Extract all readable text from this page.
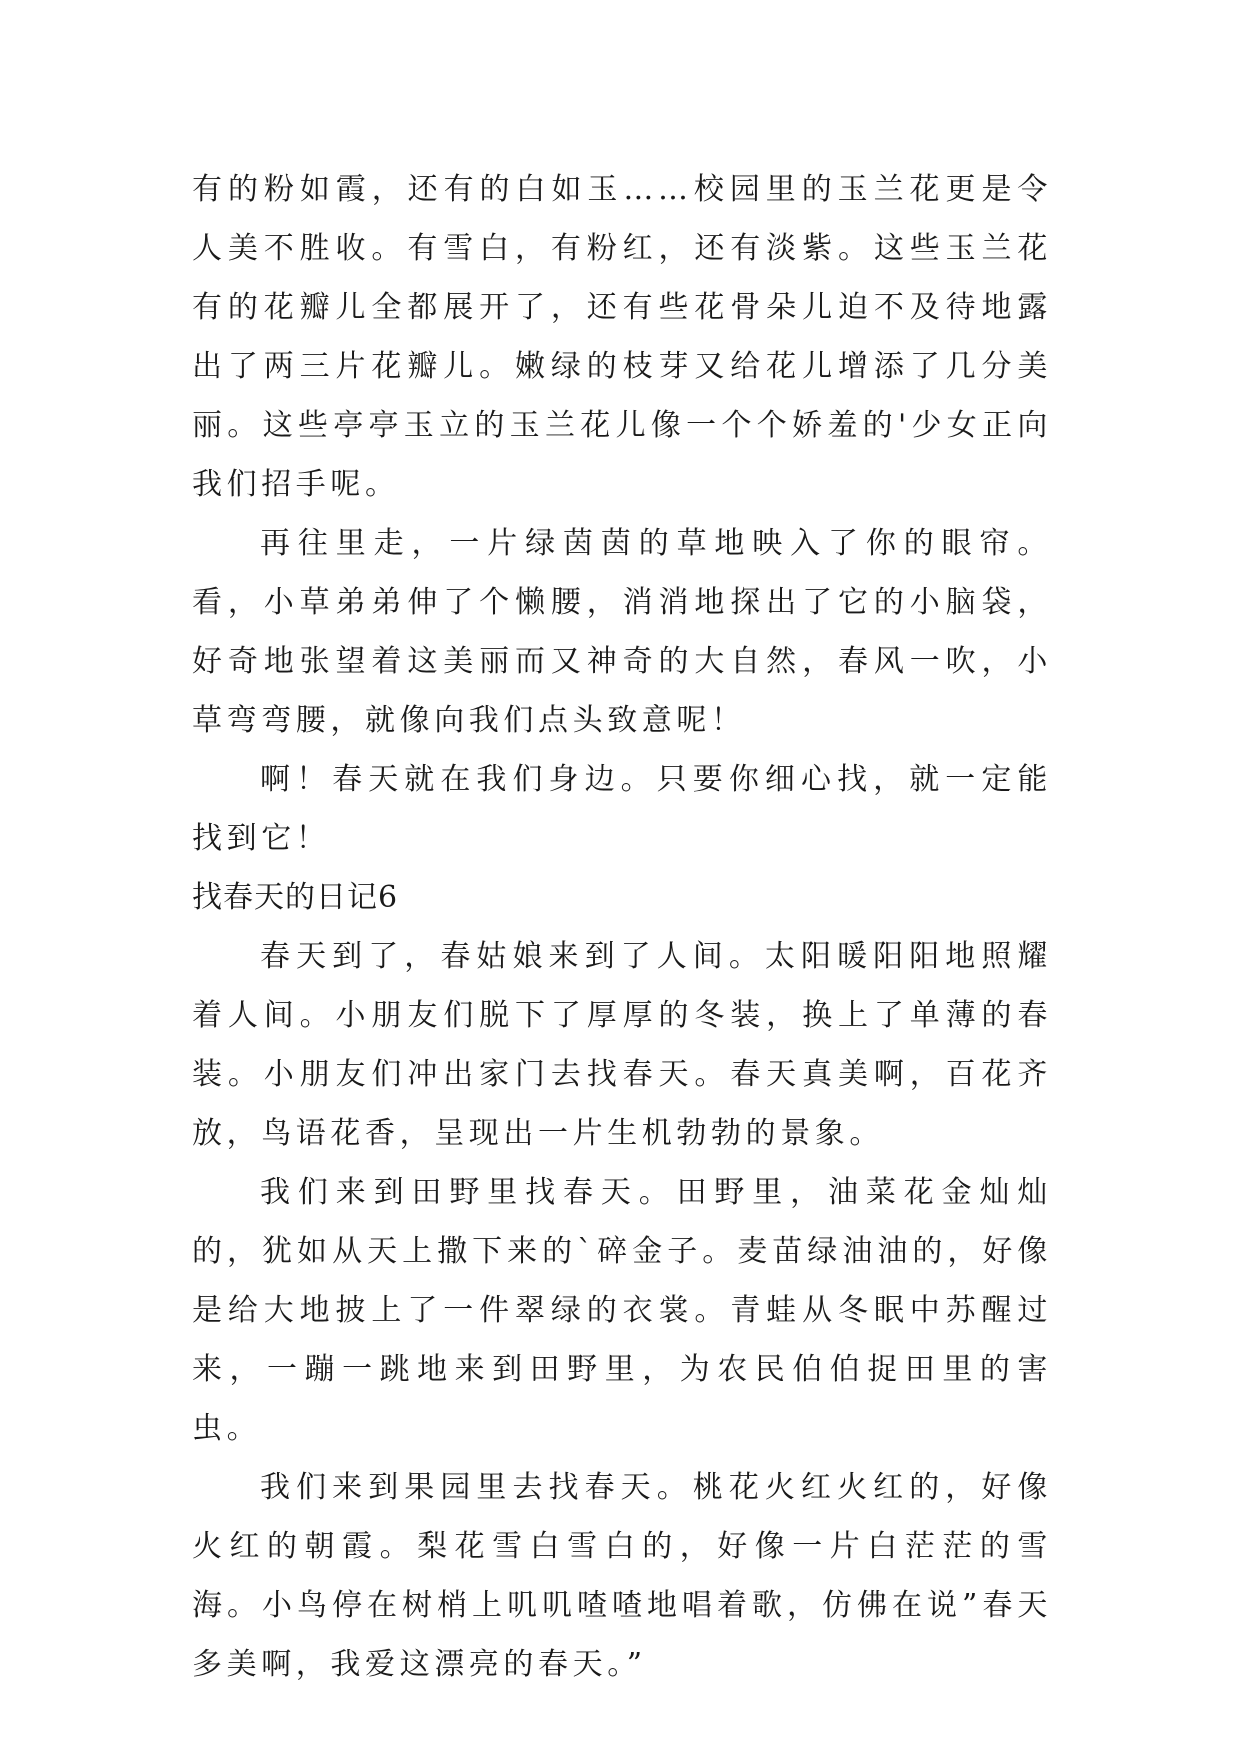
有的粉如霞，还有的白如玉……校园里的玉兰花更是令人美不胜收。有雪白，有粉红，还有淡紫。这些玉兰花有的花瓣儿全都展开了，还有些花骨朵儿迫不及待地露出了两三片花瓣儿。嫩绿的枝芽又给花儿增添了几分美丽。这些亭亭玉立的玉兰花儿像一个个娇羞的'少女正向我们招手呢。

再往里走，一片绿茵茵的草地映入了你的眼帘。看，小草弟弟伸了个懒腰，消消地探出了它的小脑袋，好奇地张望着这美丽而又神奇的大自然，春风一吹，小草弯弯腰，就像向我们点头致意呢！

啊！春天就在我们身边。只要你细心找，就一定能找到它！

找春天的日记6

春天到了，春姑娘来到了人间。太阳暖阳阳地照耀着人间。小朋友们脱下了厚厚的冬装，换上了单薄的春装。小朋友们冲出家门去找春天。春天真美啊，百花齐放，鸟语花香，呈现出一片生机勃勃的景象。

我们来到田野里找春天。田野里，油菜花金灿灿的，犹如从天上撒下来的`碎金子。麦苗绿油油的，好像是给大地披上了一件翠绿的衣裳。青蛙从冬眠中苏醒过来，一蹦一跳地来到田野里，为农民伯伯捉田里的害虫。

我们来到果园里去找春天。桃花火红火红的，好像火红的朝霞。梨花雪白雪白的，好像一片白茫茫的雪海。小鸟停在树梢上叽叽喳喳地唱着歌，仿佛在说”春天多美啊，我爱这漂亮的春天。”
